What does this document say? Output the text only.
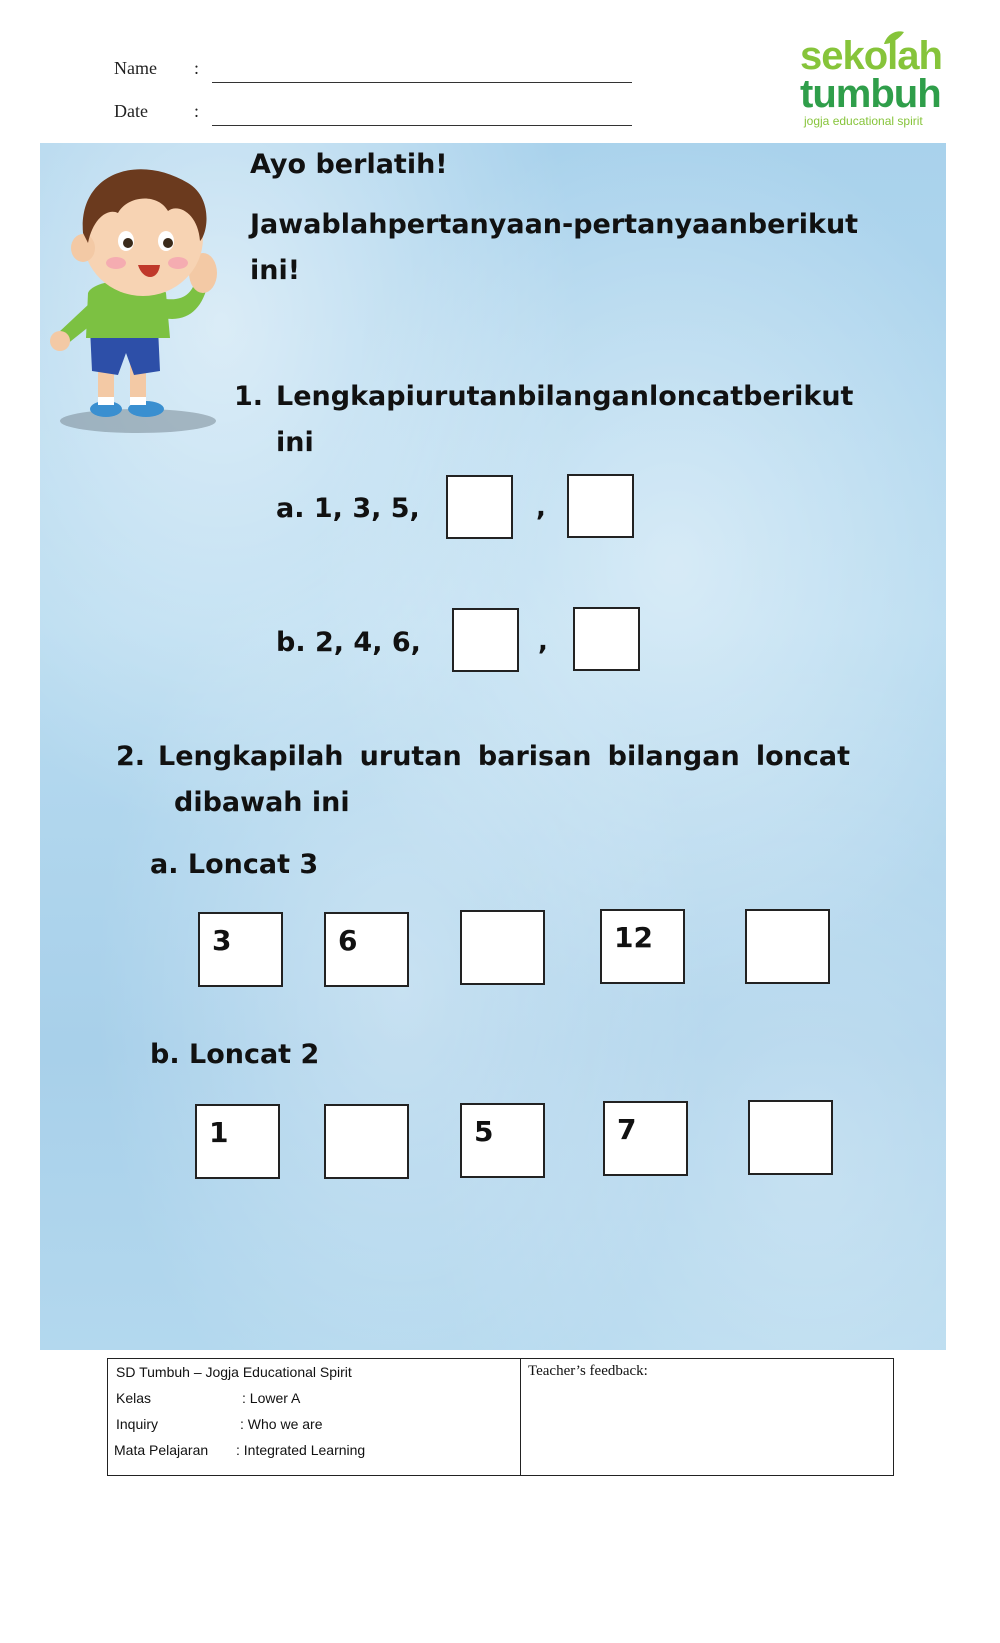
Name :
Date	:
sekolah
tumbuh
jogja educational spirit
Ayo berlatih!
Jawablah pertanyaan-pertanyaan berikut
ini!
1. Lengkapi urutan bilangan loncat berikut
ini
a. 1, 3, 5,	,
b. 2, 4, 6,	,
2. Lengkapilah urutan barisan bilangan loncat
dibawah ini
a. Loncat 3
3	6	12
b. Loncat 2
1	5	7
SD Tumbuh – Jogja Educational Spirit
Kelas	: Lower A
Inquiry	: Who we are
Mata Pelajaran : Integrated Learning
Teacher’s feedback:
